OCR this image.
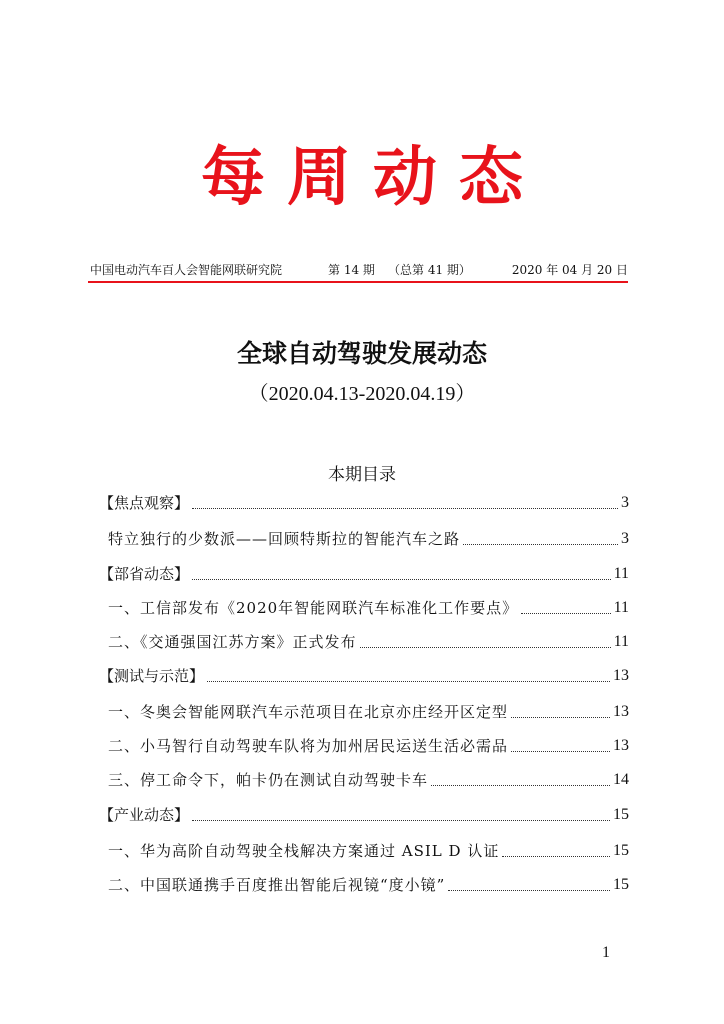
每周动态
中国电动汽车百人会智能网联研究院	第 14 期 （总第 41 期）	2020 年 04 月 20 日
全球自动驾驶发展动态
（2020.04.13-2020.04.19）
本期目录
【焦点观察】	3
特立独行的少数派——回顾特斯拉的智能汽车之路	3
【部省动态】	11
一、工信部发布《2020年智能网联汽车标准化工作要点》	11
二、《交通强国江苏方案》正式发布	11
【测试与示范】	13
一、冬奥会智能网联汽车示范项目在北京亦庄经开区定型	13
二、小马智行自动驾驶车队将为加州居民运送生活必需品	13
三、停工命令下，帕卡仍在测试自动驾驶卡车	14
【产业动态】	15
一、华为高阶自动驾驶全栈解决方案通过 ASIL D 认证	15
二、中国联通携手百度推出智能后视镜“度小镜”	15
1
